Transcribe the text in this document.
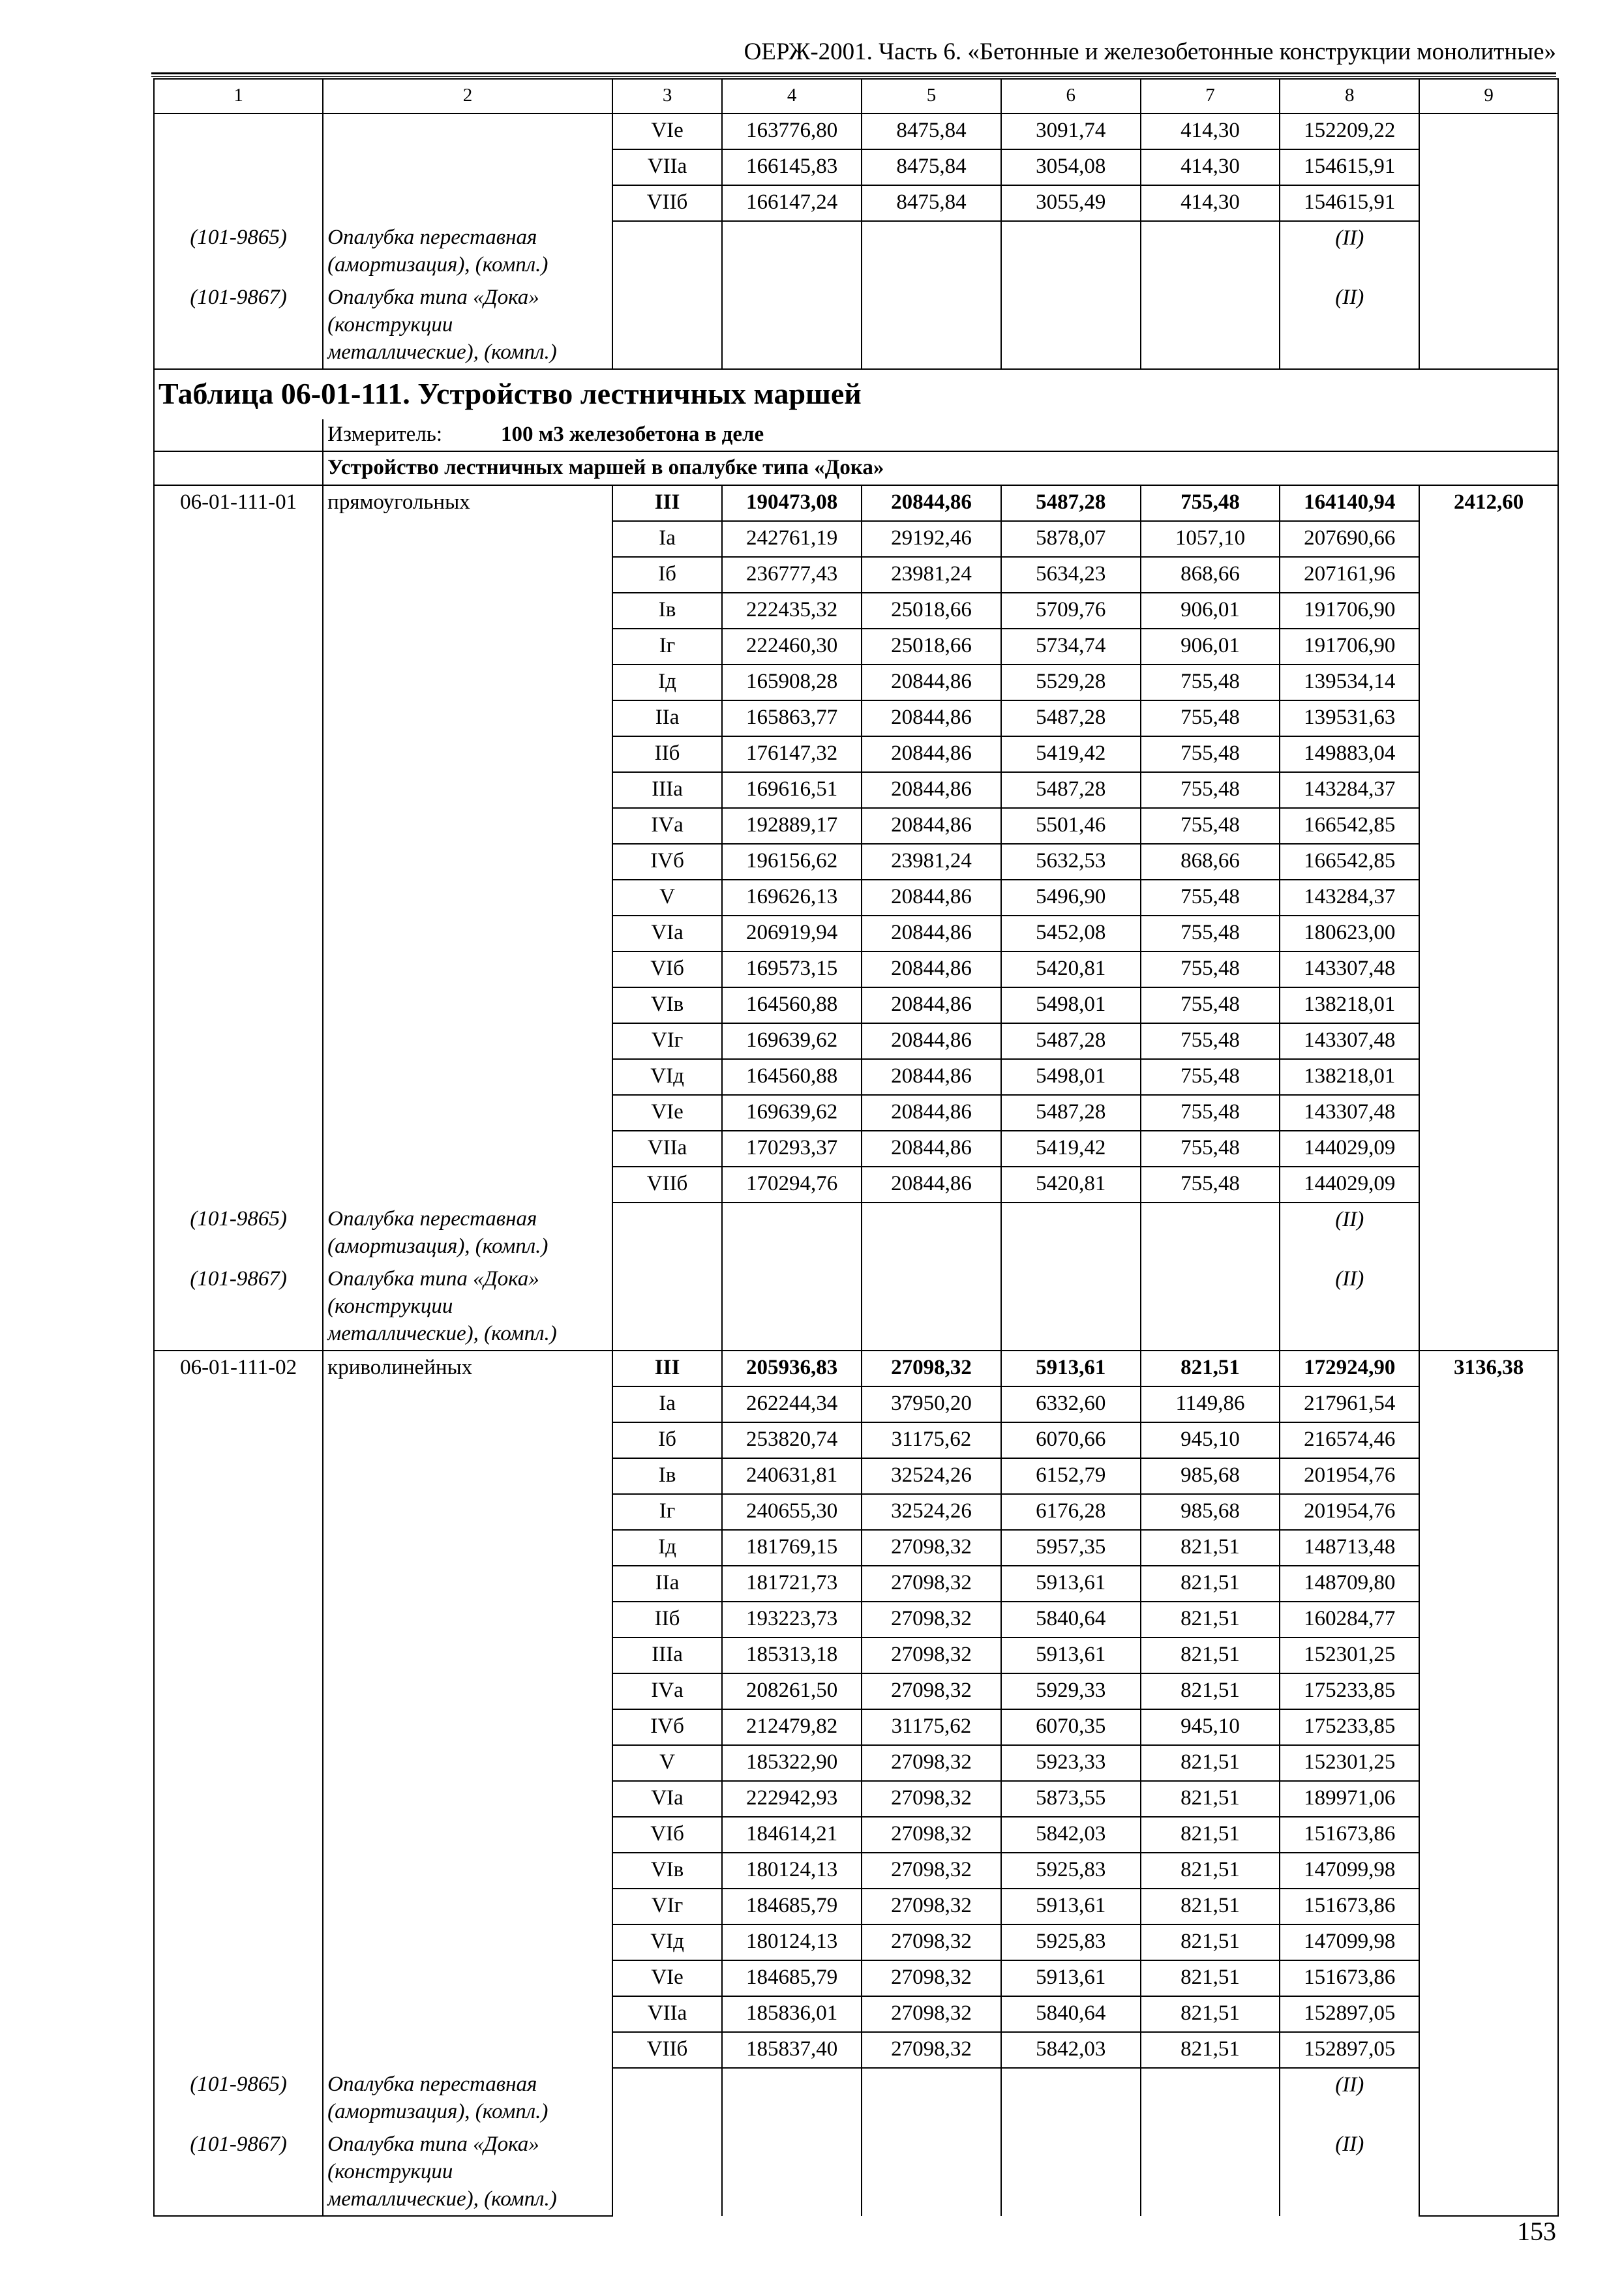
ОЕРЖ-2001. Часть 6. «Бетонные и железобетонные конструкции монолитные»
1	2	3	4	5	6	7	8	9
		VIе	163776,80	8475,84	3091,74	414,30	152209,22	
		VIIа	166145,83	8475,84	3054,08	414,30	154615,91	
		VIIб	166147,24	8475,84	3055,49	414,30	154615,91	
(101-9865)	Опалубка переставная (амортизация), (компл.)						(II)	
(101-9867)	Опалубка типа «Дока» (конструкции металлические), (компл.)						(II)	
Таблица 06-01-111. Устройство лестничных маршей								
	Измеритель: 100 м3 железобетона в деле							
	Устройство лестничных маршей в опалубке типа «Дока»							
06-01-111-01	прямоугольных	III	190473,08	20844,86	5487,28	755,48	164140,94	2412,60
		Iа	242761,19	29192,46	5878,07	1057,10	207690,66	
		Iб	236777,43	23981,24	5634,23	868,66	207161,96	
		Iв	222435,32	25018,66	5709,76	906,01	191706,90	
		Iг	222460,30	25018,66	5734,74	906,01	191706,90	
		Iд	165908,28	20844,86	5529,28	755,48	139534,14	
		IIа	165863,77	20844,86	5487,28	755,48	139531,63	
		IIб	176147,32	20844,86	5419,42	755,48	149883,04	
		IIIа	169616,51	20844,86	5487,28	755,48	143284,37	
		IVа	192889,17	20844,86	5501,46	755,48	166542,85	
		IVб	196156,62	23981,24	5632,53	868,66	166542,85	
		V	169626,13	20844,86	5496,90	755,48	143284,37	
		VIа	206919,94	20844,86	5452,08	755,48	180623,00	
		VIб	169573,15	20844,86	5420,81	755,48	143307,48	
		VIв	164560,88	20844,86	5498,01	755,48	138218,01	
		VIг	169639,62	20844,86	5487,28	755,48	143307,48	
		VIд	164560,88	20844,86	5498,01	755,48	138218,01	
		VIе	169639,62	20844,86	5487,28	755,48	143307,48	
		VIIа	170293,37	20844,86	5419,42	755,48	144029,09	
		VIIб	170294,76	20844,86	5420,81	755,48	144029,09	
(101-9865)	Опалубка переставная (амортизация), (компл.)						(II)	
(101-9867)	Опалубка типа «Дока» (конструкции металлические), (компл.)						(II)	
06-01-111-02	криволинейных	III	205936,83	27098,32	5913,61	821,51	172924,90	3136,38
		Iа	262244,34	37950,20	6332,60	1149,86	217961,54	
		Iб	253820,74	31175,62	6070,66	945,10	216574,46	
		Iв	240631,81	32524,26	6152,79	985,68	201954,76	
		Iг	240655,30	32524,26	6176,28	985,68	201954,76	
		Iд	181769,15	27098,32	5957,35	821,51	148713,48	
		IIа	181721,73	27098,32	5913,61	821,51	148709,80	
		IIб	193223,73	27098,32	5840,64	821,51	160284,77	
		IIIа	185313,18	27098,32	5913,61	821,51	152301,25	
		IVа	208261,50	27098,32	5929,33	821,51	175233,85	
		IVб	212479,82	31175,62	6070,35	945,10	175233,85	
		V	185322,90	27098,32	5923,33	821,51	152301,25	
		VIа	222942,93	27098,32	5873,55	821,51	189971,06	
		VIб	184614,21	27098,32	5842,03	821,51	151673,86	
		VIв	180124,13	27098,32	5925,83	821,51	147099,98	
		VIг	184685,79	27098,32	5913,61	821,51	151673,86	
		VIд	180124,13	27098,32	5925,83	821,51	147099,98	
		VIе	184685,79	27098,32	5913,61	821,51	151673,86	
		VIIа	185836,01	27098,32	5840,64	821,51	152897,05	
		VIIб	185837,40	27098,32	5842,03	821,51	152897,05	
(101-9865)	Опалубка переставная (амортизация), (компл.)						(II)	
(101-9867)	Опалубка типа «Дока» (конструкции металлические), (компл.)						(II)	
153
